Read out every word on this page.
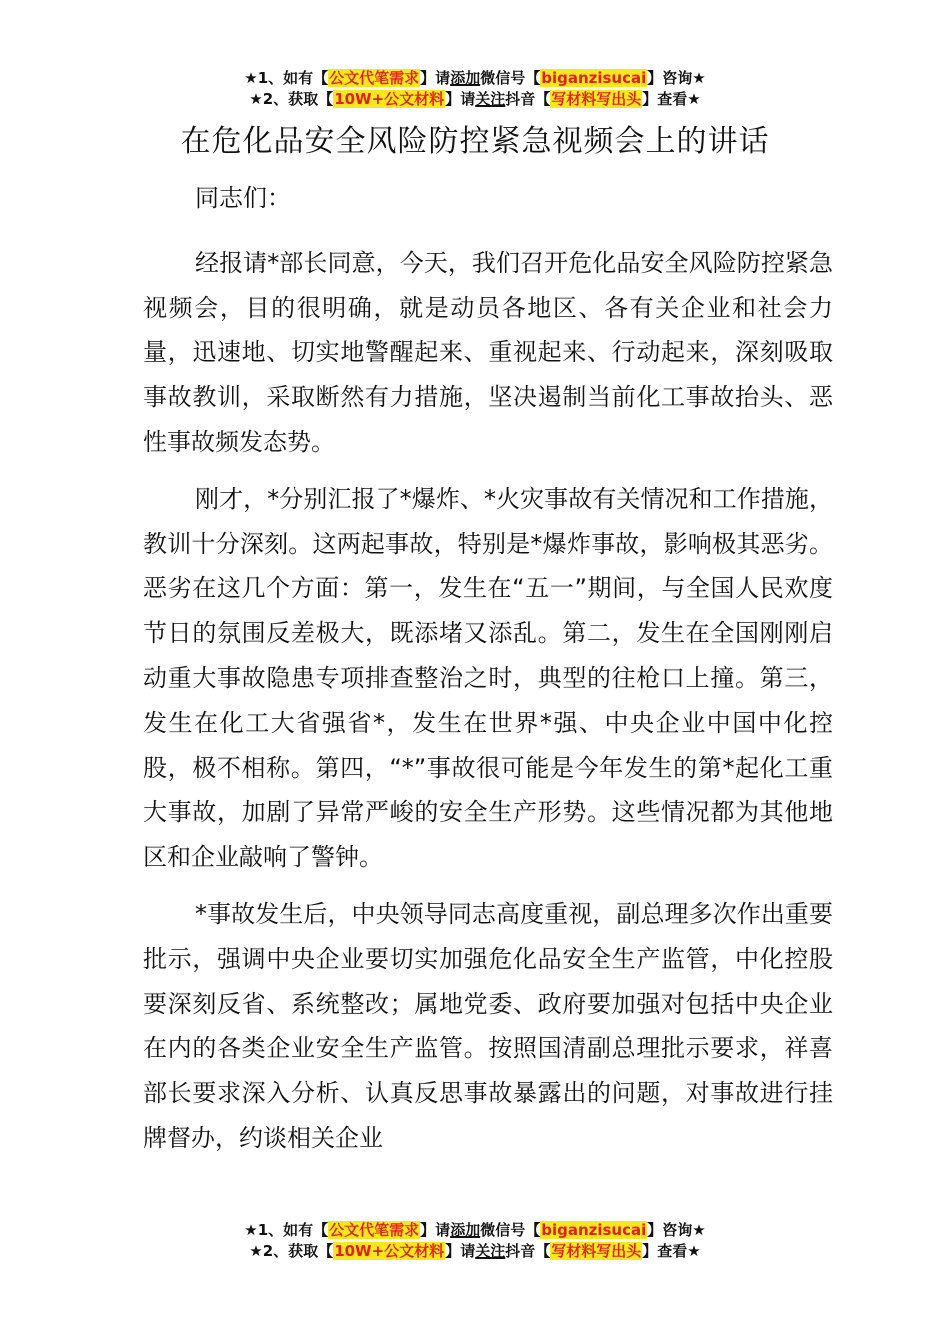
★1、如有【公文代笔需求】请添加微信号【biganzisucai】咨询★
★2、获取【10W+公文材料】请关注抖音【写材料写出头】查看★
在危化品安全风险防控紧急视频会上的讲话

同志们：

经报请*部长同意，今天，我们召开危化品安全风险防控紧急视频会，目的很明确，就是动员各地区、各有关企业和社会力量，迅速地、切实地警醒起来、重视起来、行动起来，深刻吸取事故教训，采取断然有力措施，坚决遏制当前化工事故抬头、恶性事故频发态势。

刚才，*分别汇报了*爆炸、*火灾事故有关情况和工作措施，教训十分深刻。这两起事故，特别是*爆炸事故，影响极其恶劣。恶劣在这几个方面：第一，发生在“五一”期间，与全国人民欢度节日的氛围反差极大，既添堵又添乱。第二，发生在全国刚刚启动重大事故隐患专项排查整治之时，典型的往枪口上撞。第三，发生在化工大省强省*，发生在世界*强、中央企业中国中化控股，极不相称。第四，“*”事故很可能是今年发生的第*起化工重大事故，加剧了异常严峻的安全生产形势。这些情况都为其他地区和企业敲响了警钟。

*事故发生后，中央领导同志高度重视，副总理多次作出重要批示，强调中央企业要切实加强危化品安全生产监管，中化控股要深刻反省、系统整改；属地党委、政府要加强对包括中央企业在内的各类企业安全生产监管。按照国清副总理批示要求，祥喜部长要求深入分析、认真反思事故暴露出的问题，对事故进行挂牌督办，约谈相关企业

★1、如有【公文代笔需求】请添加微信号【biganzisucai】咨询★
★2、获取【10W+公文材料】请关注抖音【写材料写出头】查看★
